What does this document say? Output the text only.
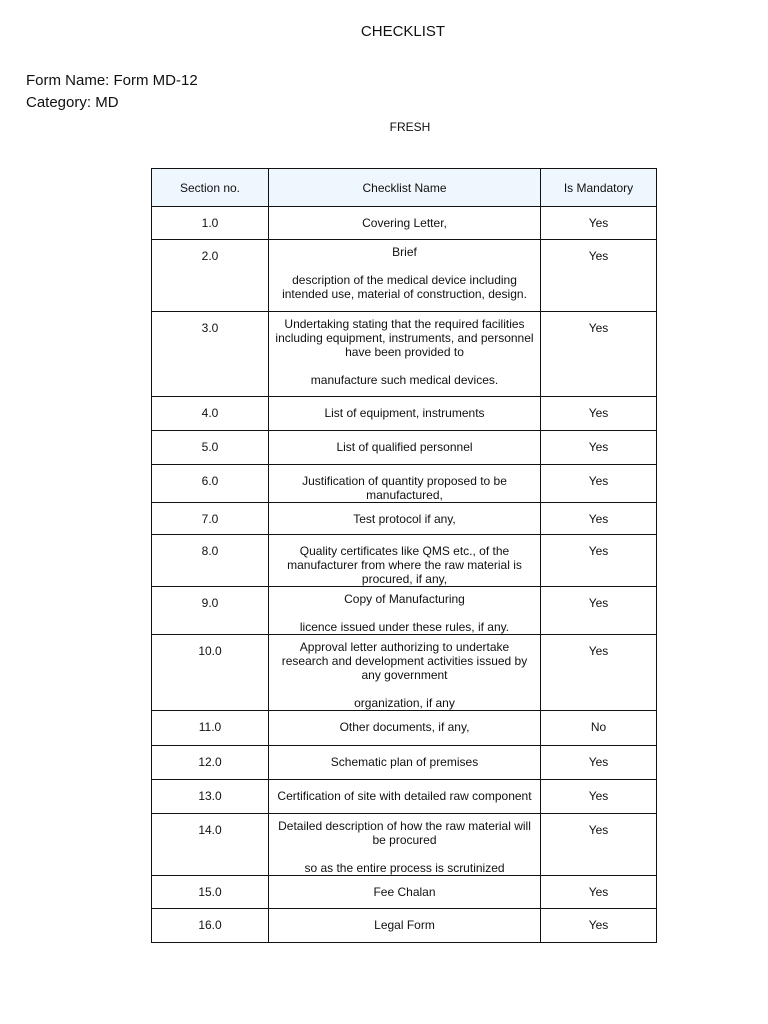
CHECKLIST
Form Name: Form MD-12
Category: MD
FRESH
Section no.	Checklist Name	Is Mandatory
1.0	Covering Letter,	Yes
2.0	Brief
description of the medical device including intended use, material of construction, design.	Yes
3.0	Undertaking stating that the required facilities including equipment, instruments, and personnel have been provided to
manufacture such medical devices.	Yes
4.0	List of equipment, instruments	Yes
5.0	List of qualified personnel	Yes
6.0	Justification of quantity proposed to be manufactured,	Yes
7.0	Test protocol if any,	Yes
8.0	Quality certificates like QMS etc., of the manufacturer from where the raw material is procured, if any,	Yes
9.0	Copy of Manufacturing
licence issued under these rules, if any.	Yes
10.0	Approval letter authorizing to undertake research and development activities issued by any government
organization, if any	Yes
11.0	Other documents, if any,	No
12.0	Schematic plan of premises	Yes
13.0	Certification of site with detailed raw component	Yes
14.0	Detailed description of how the raw material will be procured
so as the entire process is scrutinized	Yes
15.0	Fee Chalan	Yes
16.0	Legal Form	Yes
